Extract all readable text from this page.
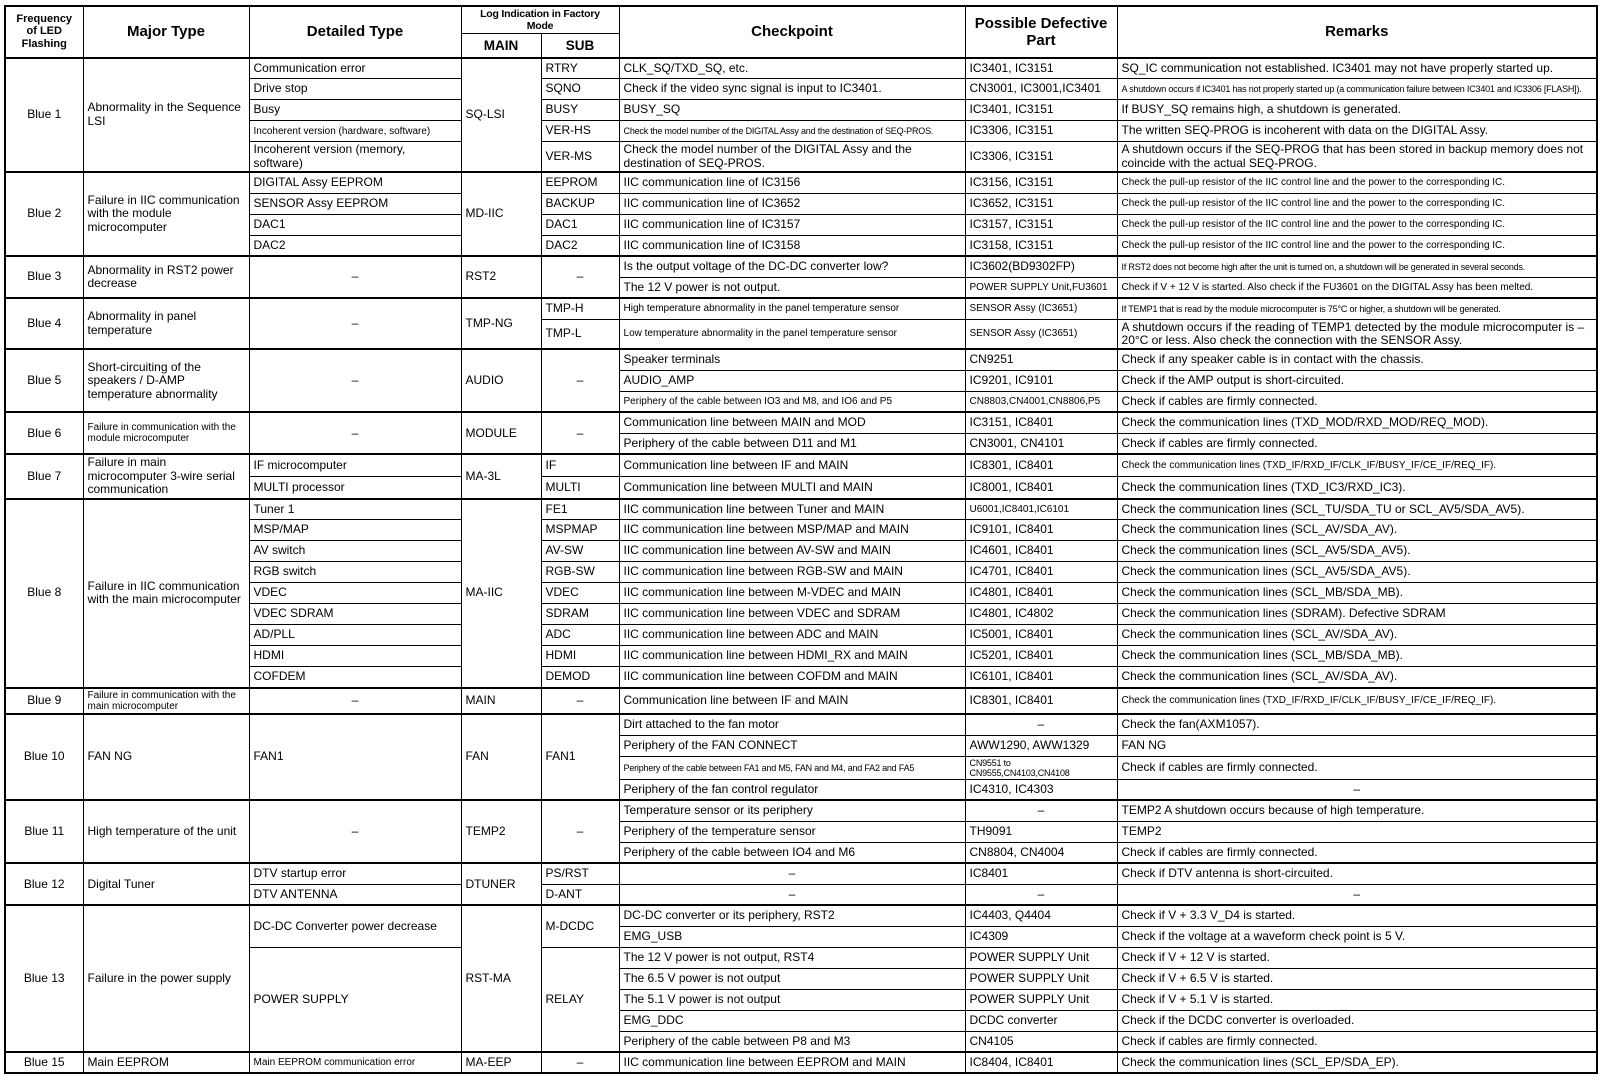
Frequency of LED Flashing	Major Type	Detailed Type	Log Indication in Factory Mode		Checkpoint	Possible Defective Part	Remarks
			MAIN	SUB			
Blue 1	Abnormality in the Sequence LSI	Communication error	SQ-LSI	RTRY	CLK_SQ/TXD_SQ, etc.	IC3401, IC3151	SQ_IC communication not established. IC3401 may not have properly started up.
		Drive stop		SQNO	Check if the video sync signal is input to IC3401.	CN3001, IC3001,IC3401	A shutdown occurs if IC3401 has not properly started up (a communication failure between IC3401 and IC3306 [FLASH]).
		Busy		BUSY	BUSY_SQ	IC3401, IC3151	If BUSY_SQ remains high, a shutdown is generated.
		Incoherent version (hardware, software)		VER-HS	Check the model number of the DIGITAL Assy and the destination of SEQ-PROS.	IC3306, IC3151	The written SEQ-PROG is incoherent with data on the DIGITAL Assy.
		Incoherent version (memory, software)		VER-MS	Check the model number of the DIGITAL Assy and the destination of SEQ-PROS.	IC3306, IC3151	A shutdown occurs if the SEQ-PROG that has been stored in backup memory does not coincide with the actual SEQ-PROG.
Blue 2	Failure in IIC communication with the module microcomputer	DIGITAL Assy EEPROM	MD-IIC	EEPROM	IIC communication line of IC3156	IC3156, IC3151	Check the pull-up resistor of the IIC control line and the power to the corresponding IC.
		SENSOR Assy EEPROM		BACKUP	IIC communication line of IC3652	IC3652, IC3151	Check the pull-up resistor of the IIC control line and the power to the corresponding IC.
		DAC1		DAC1	IIC communication line of IC3157	IC3157, IC3151	Check the pull-up resistor of the IIC control line and the power to the corresponding IC.
		DAC2		DAC2	IIC communication line of IC3158	IC3158, IC3151	Check the pull-up resistor of the IIC control line and the power to the corresponding IC.
Blue 3	Abnormality in RST2 power decrease	–	RST2	–	Is the output voltage of the DC-DC converter low?	IC3602(BD9302FP)	If RST2 does not become high after the unit is turned on, a shutdown will be generated in several seconds.
					The 12 V power is not output.	POWER SUPPLY Unit,FU3601	Check if V + 12 V is started. Also check if the FU3601 on the DIGITAL Assy has been melted.
Blue 4	Abnormality in panel temperature	–	TMP-NG	TMP-H	High temperature abnormality in the panel temperature sensor	SENSOR Assy (IC3651)	If TEMP1 that is read by the module microcomputer is 75°C or higher, a shutdown will be generated.
				TMP-L	Low temperature abnormality in the panel temperature sensor	SENSOR Assy (IC3651)	A shutdown occurs if the reading of TEMP1 detected by the module microcomputer is –20°C or less. Also check the connection with the SENSOR Assy.
Blue 5	Short-circuiting of the speakers / D-AMP temperature abnormality	–	AUDIO	–	Speaker terminals	CN9251	Check if any speaker cable is in contact with the chassis.
					AUDIO_AMP	IC9201, IC9101	Check if the AMP output is short-circuited.
					Periphery of the cable between IO3 and M8, and IO6 and P5	CN8803,CN4001,CN8806,P5	Check if cables are firmly connected.
Blue 6	Failure in communication with the module microcomputer	–	MODULE	–	Communication line between MAIN and MOD	IC3151, IC8401	Check the communication lines (TXD_MOD/RXD_MOD/REQ_MOD).
					Periphery of the cable between D11 and M1	CN3001, CN4101	Check if cables are firmly connected.
Blue 7	Failure in main microcomputer 3-wire serial communication	IF microcomputer	MA-3L	IF	Communication line between IF and MAIN	IC8301, IC8401	Check the communication lines (TXD_IF/RXD_IF/CLK_IF/BUSY_IF/CE_IF/REQ_IF).
		MULTI processor		MULTI	Communication line between MULTI and MAIN	IC8001, IC8401	Check the communication lines (TXD_IC3/RXD_IC3).
Blue 8	Failure in IIC communication with the main microcomputer	Tuner 1	MA-IIC	FE1	IIC communication line between Tuner and MAIN	U6001,IC8401,IC6101	Check the communication lines (SCL_TU/SDA_TU or SCL_AV5/SDA_AV5).
		MSP/MAP		MSPMAP	IIC communication line between MSP/MAP and MAIN	IC9101, IC8401	Check the communication lines (SCL_AV/SDA_AV).
		AV switch		AV-SW	IIC communication line between AV-SW and MAIN	IC4601, IC8401	Check the communication lines (SCL_AV5/SDA_AV5).
		RGB switch		RGB-SW	IIC communication line between RGB-SW and MAIN	IC4701, IC8401	Check the communication lines (SCL_AV5/SDA_AV5).
		VDEC		VDEC	IIC communication line between M-VDEC and MAIN	IC4801, IC8401	Check the communication lines (SCL_MB/SDA_MB).
		VDEC SDRAM		SDRAM	IIC communication line between VDEC and SDRAM	IC4801, IC4802	Check the communication lines (SDRAM). Defective SDRAM
		AD/PLL		ADC	IIC communication line between ADC and MAIN	IC5001, IC8401	Check the communication lines (SCL_AV/SDA_AV).
		HDMI		HDMI	IIC communication line between HDMI_RX and MAIN	IC5201, IC8401	Check the communication lines (SCL_MB/SDA_MB).
		COFDEM		DEMOD	IIC communication line between COFDM and MAIN	IC6101, IC8401	Check the communication lines (SCL_AV/SDA_AV).
Blue 9	Failure in communication with the main microcomputer	–	MAIN	–	Communication line between IF and MAIN	IC8301, IC8401	Check the communication lines (TXD_IF/RXD_IF/CLK_IF/BUSY_IF/CE_IF/REQ_IF).
Blue 10	FAN NG	FAN1	FAN	FAN1	Dirt attached to the fan motor	–	Check the fan(AXM1057).
					Periphery of the FAN CONNECT	AWW1290, AWW1329	FAN NG
					Periphery of the cable between FA1 and M5, FAN and M4, and FA2 and FA5	CN9551 to CN9555,CN4103,CN4108	Check if cables are firmly connected.
					Periphery of the fan control regulator	IC4310, IC4303	–
Blue 11	High temperature of the unit	–	TEMP2	–	Temperature sensor or its periphery	–	TEMP2 A shutdown occurs because of high temperature.
					Periphery of the temperature sensor	TH9091	TEMP2
					Periphery of the cable between IO4 and M6	CN8804, CN4004	Check if cables are firmly connected.
Blue 12	Digital Tuner	DTV startup error	DTUNER	PS/RST	–	IC8401	Check if DTV antenna is short-circuited.
		DTV ANTENNA		D-ANT	–	–	–
Blue 13	Failure in the power supply	DC-DC Converter power decrease	RST-MA	M-DCDC	DC-DC converter or its periphery, RST2	IC4403, Q4404	Check if V + 3.3 V_D4 is started.
					EMG_USB	IC4309	Check if the voltage at a waveform check point is 5 V.
		POWER SUPPLY		RELAY	The 12 V power is not output, RST4	POWER SUPPLY Unit	Check if V + 12 V is started.
					The 6.5 V power is not output	POWER SUPPLY Unit	Check if V + 6.5 V is started.
					The 5.1 V power is not output	POWER SUPPLY Unit	Check if V + 5.1 V is started.
					EMG_DDC	DCDC converter	Check if the DCDC converter is overloaded.
					Periphery of the cable between P8 and M3	CN4105	Check if cables are firmly connected.
Blue 15	Main EEPROM	Main EEPROM communication error	MA-EEP	–	IIC communication line between EEPROM and MAIN	IC8404, IC8401	Check the communication lines (SCL_EP/SDA_EP).
